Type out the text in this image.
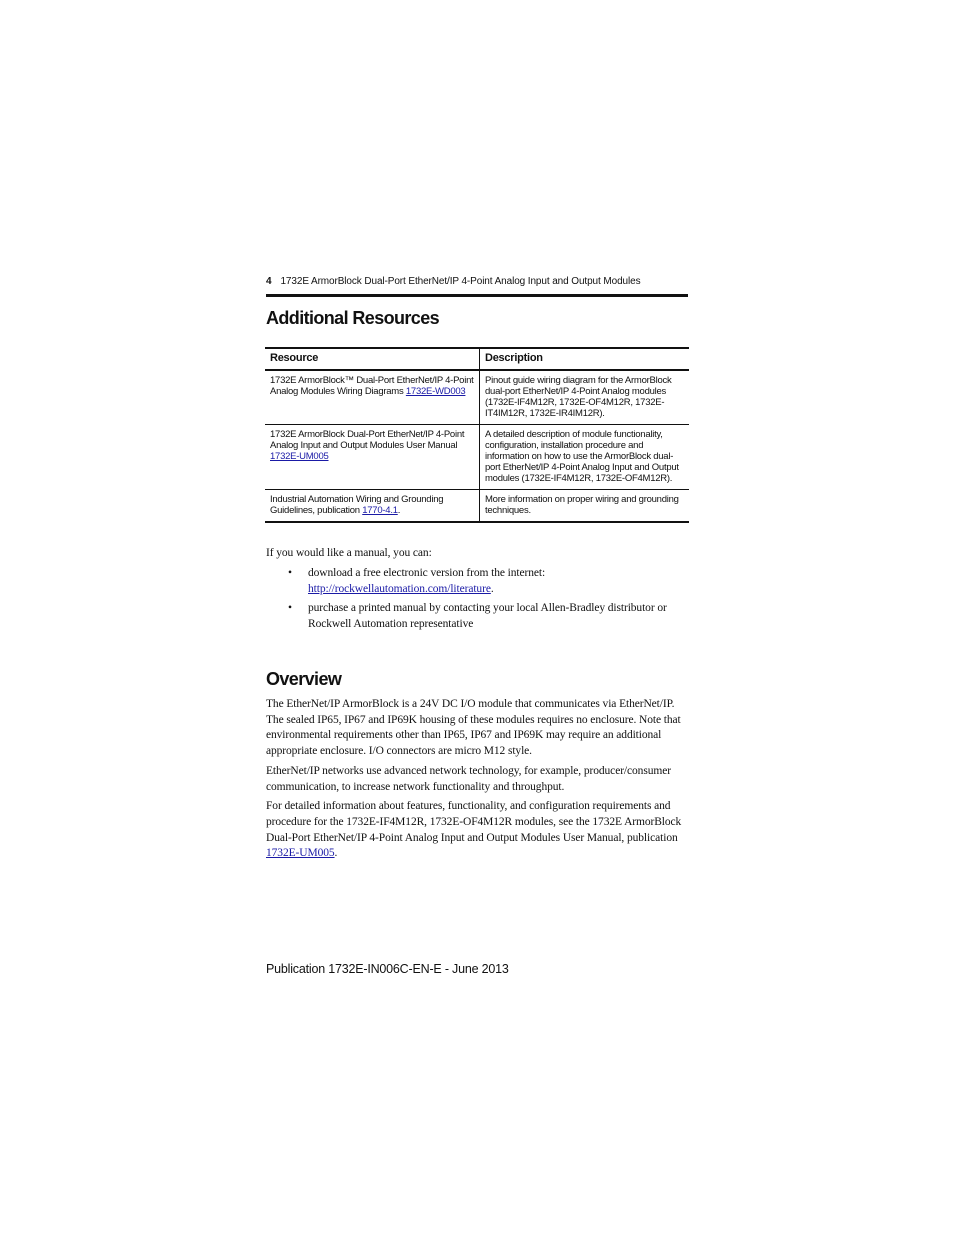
4 1732E ArmorBlock Dual-Port EtherNet/IP 4-Point Analog Input and Output Modules
Additional Resources
Resource	Description
1732E ArmorBlock™ Dual-Port EtherNet/IP 4-Point Analog Modules Wiring Diagrams 1732E-WD003	Pinout guide wiring diagram for the ArmorBlock dual-port EtherNet/IP 4-Point Analog modules (1732E-IF4M12R, 1732E-OF4M12R, 1732E-IT4IM12R, 1732E-IR4IM12R).
1732E ArmorBlock Dual-Port EtherNet/IP 4-Point Analog Input and Output Modules User Manual 1732E-UM005	A detailed description of module functionality, configuration, installation procedure and information on how to use the ArmorBlock dual-port EtherNet/IP 4-Point Analog Input and Output modules (1732E-IF4M12R, 1732E-OF4M12R).
Industrial Automation Wiring and Grounding Guidelines, publication 1770-4.1.	More information on proper wiring and grounding techniques.
If you would like a manual, you can:
• download a free electronic version from the internet: http://rockwellautomation.com/literature.
• purchase a printed manual by contacting your local Allen-Bradley distributor or Rockwell Automation representative
Overview

The EtherNet/IP ArmorBlock is a 24V DC I/O module that communicates via EtherNet/IP. The sealed IP65, IP67 and IP69K housing of these modules requires no enclosure. Note that environmental requirements other than IP65, IP67 and IP69K may require an additional appropriate enclosure. I/O connectors are micro M12 style.

EtherNet/IP networks use advanced network technology, for example, producer/consumer communication, to increase network functionality and throughput.

For detailed information about features, functionality, and configuration requirements and procedure for the 1732E-IF4M12R, 1732E-OF4M12R modules, see the 1732E ArmorBlock Dual-Port EtherNet/IP 4-Point Analog Input and Output Modules User Manual, publication 1732E-UM005.

Publication 1732E-IN006C-EN-E - June 2013
